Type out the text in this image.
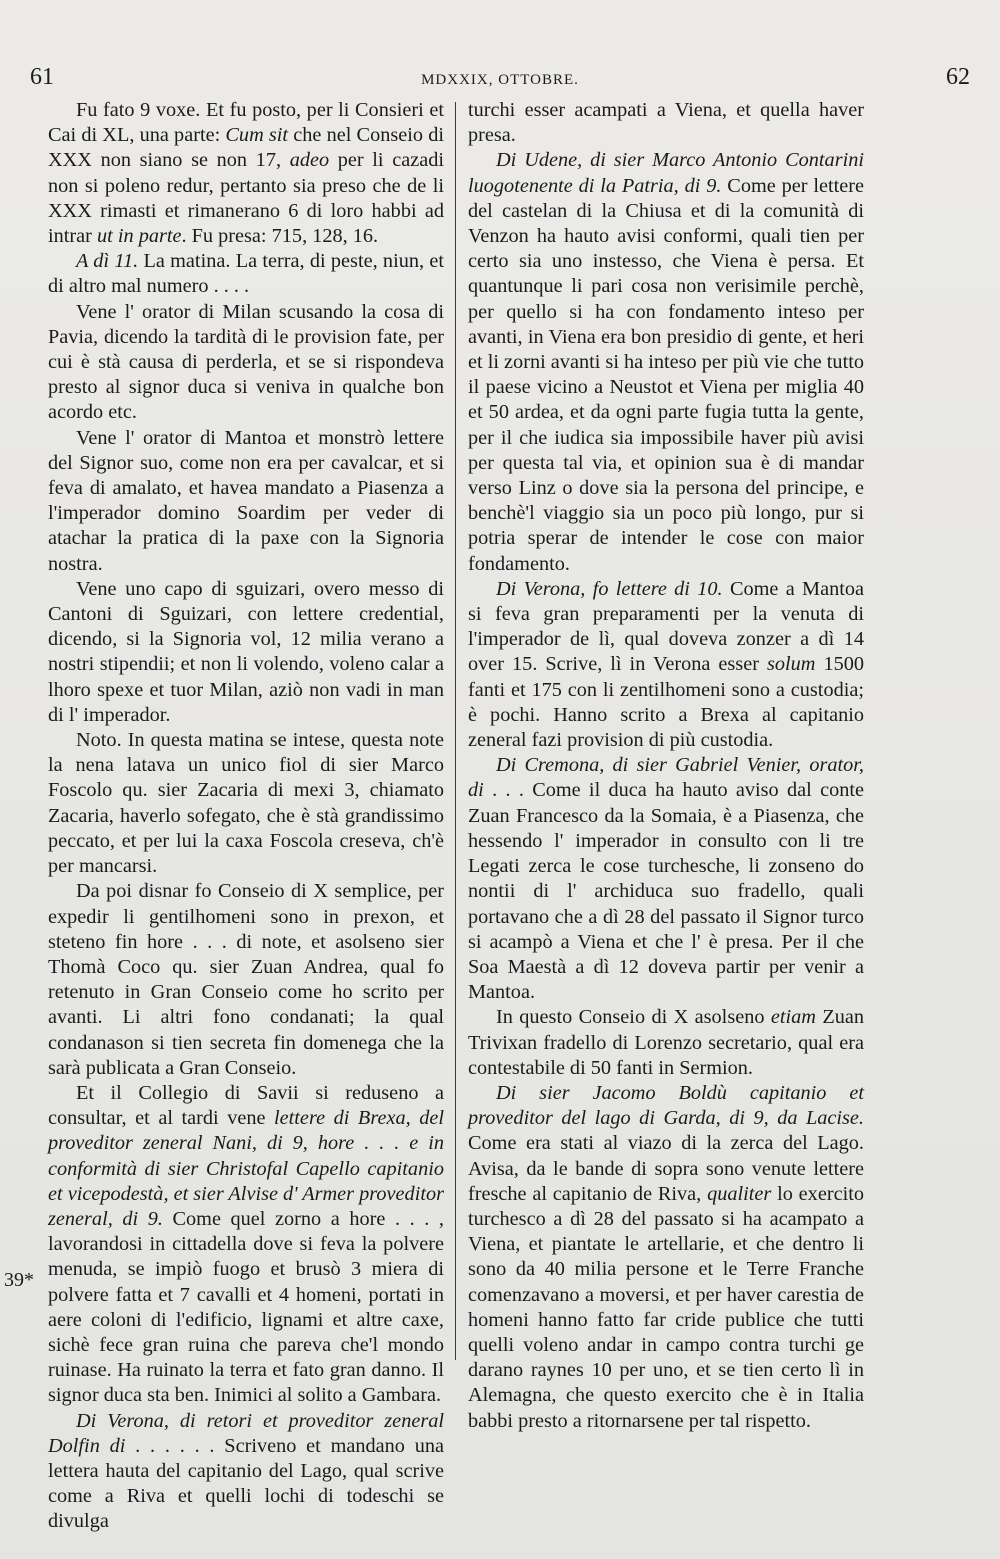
61	MDXXIX, OTTOBRE.	62
39*

Fu fato 9 voxe. Et fu posto, per li Consieri et Cai di XL, una parte: Cum sit che nel Conseio di XXX non siano se non 17, adeo per li cazadi non si poleno redur, pertanto sia preso che de li XXX rimasti et rimanerano 6 di loro habbi ad intrar ut in parte. Fu presa: 715, 128, 16.

A dì 11. La matina. La terra, di peste, niun, et di altro mal numero . . . .

Vene l' orator di Milan scusando la cosa di Pavia, dicendo la tardità di le provision fate, per cui è stà causa di perderla, et se si rispondeva presto al signor duca si veniva in qualche bon acordo etc.

Vene l' orator di Mantoa et monstrò lettere del Signor suo, come non era per cavalcar, et si feva di amalato, et havea mandato a Piasenza a l'imperador domino Soardim per veder di atachar la pratica di la paxe con la Signoria nostra.

Vene uno capo di sguizari, overo messo di Cantoni di Sguizari, con lettere credential, dicendo, si la Signoria vol, 12 milia verano a nostri stipendii; et non li volendo, voleno calar a lhoro spexe et tuor Milan, aziò non vadi in man di l' imperador.

Noto. In questa matina se intese, questa note la nena latava un unico fiol di sier Marco Foscolo qu. sier Zacaria di mexi 3, chiamato Zacaria, haverlo sofegato, che è stà grandissimo peccato, et per lui la caxa Foscola creseva, ch'è per mancarsi.

Da poi disnar fo Conseio di X semplice, per expedir li gentilhomeni sono in prexon, et steteno fin hore . . . di note, et asolseno sier Thomà Coco qu. sier Zuan Andrea, qual fo retenuto in Gran Conseio come ho scrito per avanti. Li altri fono condanati; la qual condanason si tien secreta fin domenega che la sarà publicata a Gran Conseio.

Et il Collegio di Savii si reduseno a consultar, et al tardi vene lettere di Brexa, del proveditor zeneral Nani, di 9, hore . . . e in conformità di sier Christofal Capello capitanio et vicepodestà, et sier Alvise d' Armer proveditor zeneral, di 9. Come quel zorno a hore . . . , lavorandosi in cittadella dove si feva la polvere menuda, se impiò fuogo et brusò 3 miera di polvere fatta et 7 cavalli et 4 homeni, portati in aere coloni di l'edificio, lignami et altre caxe, sichè fece gran ruina che pareva che'l mondo ruinase. Ha ruinato la terra et fato gran danno. Il signor duca sta ben. Inimici al solito a Gambara.

Di Verona, di retori et proveditor zeneral Dolfin di . . . . . . Scriveno et mandano una lettera hauta del capitanio del Lago, qual scrive come a Riva et quelli lochi di todeschi se divulga

turchi esser acampati a Viena, et quella haver presa.

Di Udene, di sier Marco Antonio Contarini luogotenente di la Patria, di 9. Come per lettere del castelan di la Chiusa et di la comunità di Venzon ha hauto avisi conformi, quali tien per certo sia uno instesso, che Viena è persa. Et quantunque li pari cosa non verisimile perchè, per quello si ha con fondamento inteso per avanti, in Viena era bon presidio di gente, et heri et li zorni avanti si ha inteso per più vie che tutto il paese vicino a Neustot et Viena per miglia 40 et 50 ardea, et da ogni parte fugia tutta la gente, per il che iudica sia impossibile haver più avisi per questa tal via, et opinion sua è di mandar verso Linz o dove sia la persona del principe, e benchè'l viaggio sia un poco più longo, pur si potria sperar de intender le cose con maior fondamento.

Di Verona, fo lettere di 10. Come a Mantoa si feva gran preparamenti per la venuta di l'imperador de lì, qual doveva zonzer a dì 14 over 15. Scrive, lì in Verona esser solum 1500 fanti et 175 con li zentilhomeni sono a custodia; è pochi. Hanno scrito a Brexa al capitanio zeneral fazi provision di più custodia.

Di Cremona, di sier Gabriel Venier, orator, di . . . Come il duca ha hauto aviso dal conte Zuan Francesco da la Somaia, è a Piasenza, che hessendo l' imperador in consulto con li tre Legati zerca le cose turchesche, li zonseno do nontii di l' archiduca suo fradello, quali portavano che a dì 28 del passato il Signor turco si acampò a Viena et che l' è presa. Per il che Soa Maestà a dì 12 doveva partir per venir a Mantoa.

In questo Conseio di X asolseno etiam Zuan Trivixan fradello di Lorenzo secretario, qual era contestabile di 50 fanti in Sermion.

Di sier Jacomo Boldù capitanio et proveditor del lago di Garda, di 9, da Lacise. Come era stati al viazo di la zerca del Lago. Avisa, da le bande di sopra sono venute lettere fresche al capitanio de Riva, qualiter lo exercito turchesco a dì 28 del passato si ha acampato a Viena, et piantate le artellarie, et che dentro li sono da 40 milia persone et le Terre Franche comenzavano a moversi, et per haver carestia de homeni hanno fatto far cride publice che tutti quelli voleno andar in campo contra turchi ge darano raynes 10 per uno, et se tien certo lì in Alemagna, che questo exercito che è in Italia babbi presto a ritornarsene per tal rispetto.
